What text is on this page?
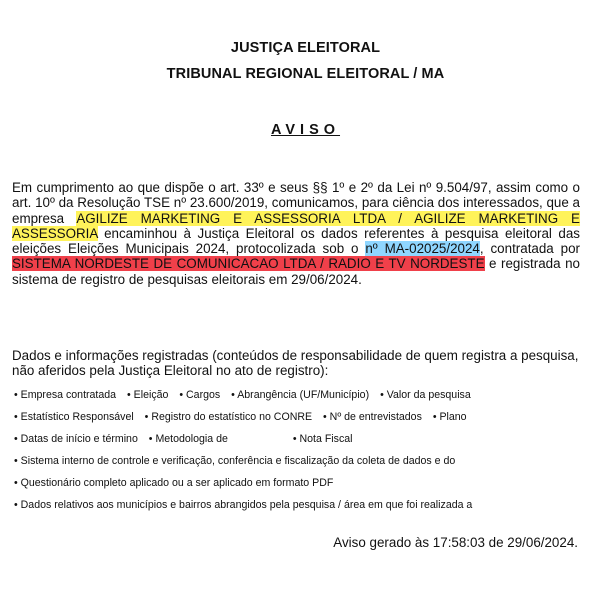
JUSTIÇA ELEITORAL
TRIBUNAL REGIONAL ELEITORAL / MA
AVISO
Em cumprimento ao que dispõe o art. 33º e seus §§ 1º e 2º da Lei nº 9.504/97, assim como o art. 10º da Resolução TSE nº 23.600/2019, comunicamos, para ciência dos interessados, que a empresa AGILIZE MARKETING E ASSESSORIA LTDA / AGILIZE MARKETING E ASSESSORIA encaminhou à Justiça Eleitoral os dados referentes à pesquisa eleitoral das eleições Eleições Municipais 2024, protocolizada sob o nº MA-02025/2024, contratada por SISTEMA NORDESTE DE COMUNICACAO LTDA / RADIO E TV NORDESTE e registrada no sistema de registro de pesquisas eleitorais em 29/06/2024.
Dados e informações registradas (conteúdos de responsabilidade de quem registra a pesquisa, não aferidos pela Justiça Eleitoral no ato de registro):
• Empresa contratada • Eleição • Cargos • Abrangência (UF/Município) • Valor da pesquisa
• Estatístico Responsável • Registro do estatístico no CONRE • Nº de entrevistados • Plano
• Datas de início e término • Metodologia de	• Nota Fiscal
• Sistema interno de controle e verificação, conferência e fiscalização da coleta de dados e do
• Questionário completo aplicado ou a ser aplicado em formato PDF
• Dados relativos aos municípios e bairros abrangidos pela pesquisa / área em que foi realizada a
Aviso gerado às 17:58:03 de 29/06/2024.
